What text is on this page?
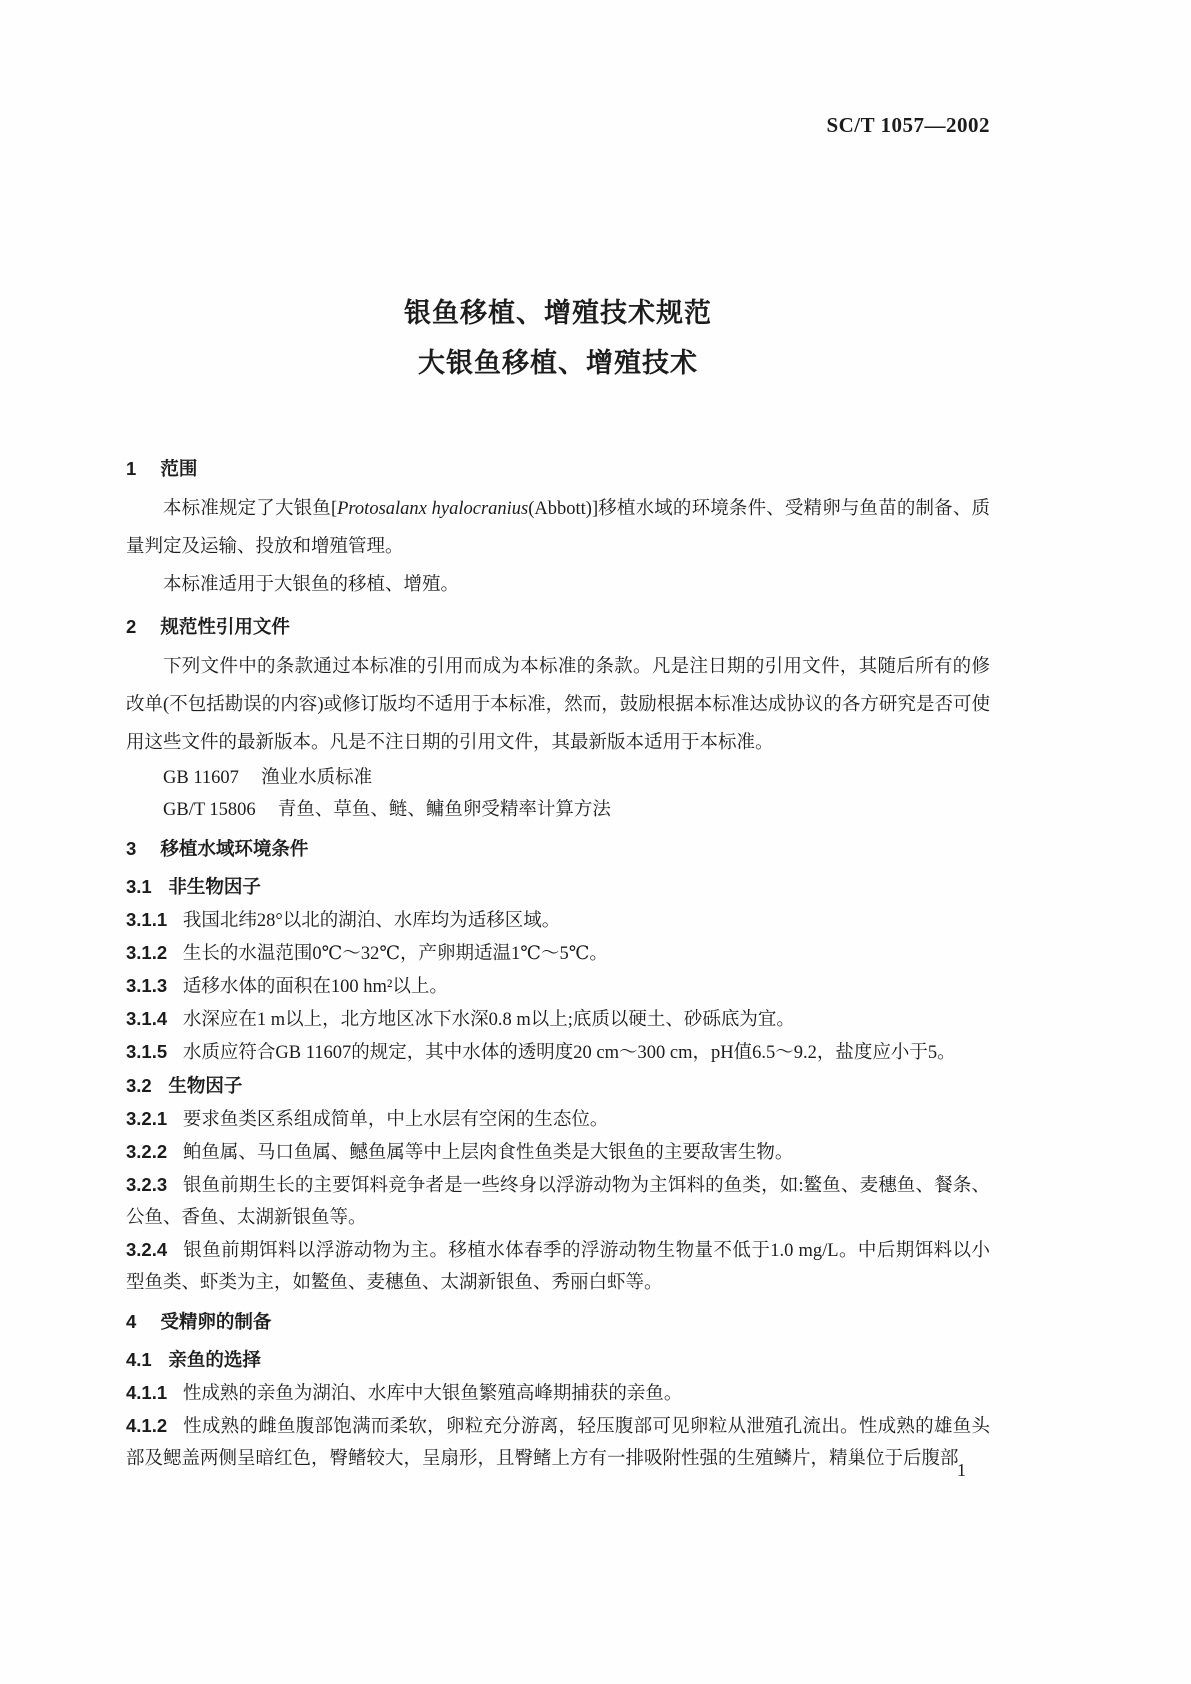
SC/T 1057—2002
银鱼移植、增殖技术规范
大银鱼移植、增殖技术
1 范围

本标准规定了大银鱼[Protosalanx hyalocranius(Abbott)]移植水域的环境条件、受精卵与鱼苗的制备、质量判定及运输、投放和增殖管理。

本标准适用于大银鱼的移植、增殖。

2 规范性引用文件

下列文件中的条款通过本标准的引用而成为本标准的条款。凡是注日期的引用文件，其随后所有的修改单(不包括勘误的内容)或修订版均不适用于本标准，然而，鼓励根据本标准达成协议的各方研究是否可使用这些文件的最新版本。凡是不注日期的引用文件，其最新版本适用于本标准。

GB 11607 渔业水质标准

GB/T 15806 青鱼、草鱼、鲢、鳙鱼卵受精率计算方法

3 移植水域环境条件
3.1 非生物因子

3.1.1 我国北纬28°以北的湖泊、水库均为适移区域。

3.1.2 生长的水温范围0℃～32℃，产卵期适温1℃～5℃。

3.1.3 适移水体的面积在100 hm²以上。

3.1.4 水深应在1 m以上，北方地区冰下水深0.8 m以上;底质以硬土、砂砾底为宜。

3.1.5 水质应符合GB 11607的规定，其中水体的透明度20 cm～300 cm，pH值6.5～9.2，盐度应小于5。

3.2 生物因子

3.2.1 要求鱼类区系组成简单，中上水层有空闲的生态位。

3.2.2 鲌鱼属、马口鱼属、鳡鱼属等中上层肉食性鱼类是大银鱼的主要敌害生物。

3.2.3 银鱼前期生长的主要饵料竞争者是一些终身以浮游动物为主饵料的鱼类，如:鳘鱼、麦穗鱼、餐条、公鱼、香鱼、太湖新银鱼等。

3.2.4 银鱼前期饵料以浮游动物为主。移植水体春季的浮游动物生物量不低于1.0 mg/L。中后期饵料以小型鱼类、虾类为主，如鳘鱼、麦穗鱼、太湖新银鱼、秀丽白虾等。

4 受精卵的制备
4.1 亲鱼的选择

4.1.1 性成熟的亲鱼为湖泊、水库中大银鱼繁殖高峰期捕获的亲鱼。

4.1.2 性成熟的雌鱼腹部饱满而柔软，卵粒充分游离，轻压腹部可见卵粒从泄殖孔流出。性成熟的雄鱼头部及鳃盖两侧呈暗红色，臀鳍较大，呈扇形，且臀鳍上方有一排吸附性强的生殖鳞片，精巢位于后腹部

1
